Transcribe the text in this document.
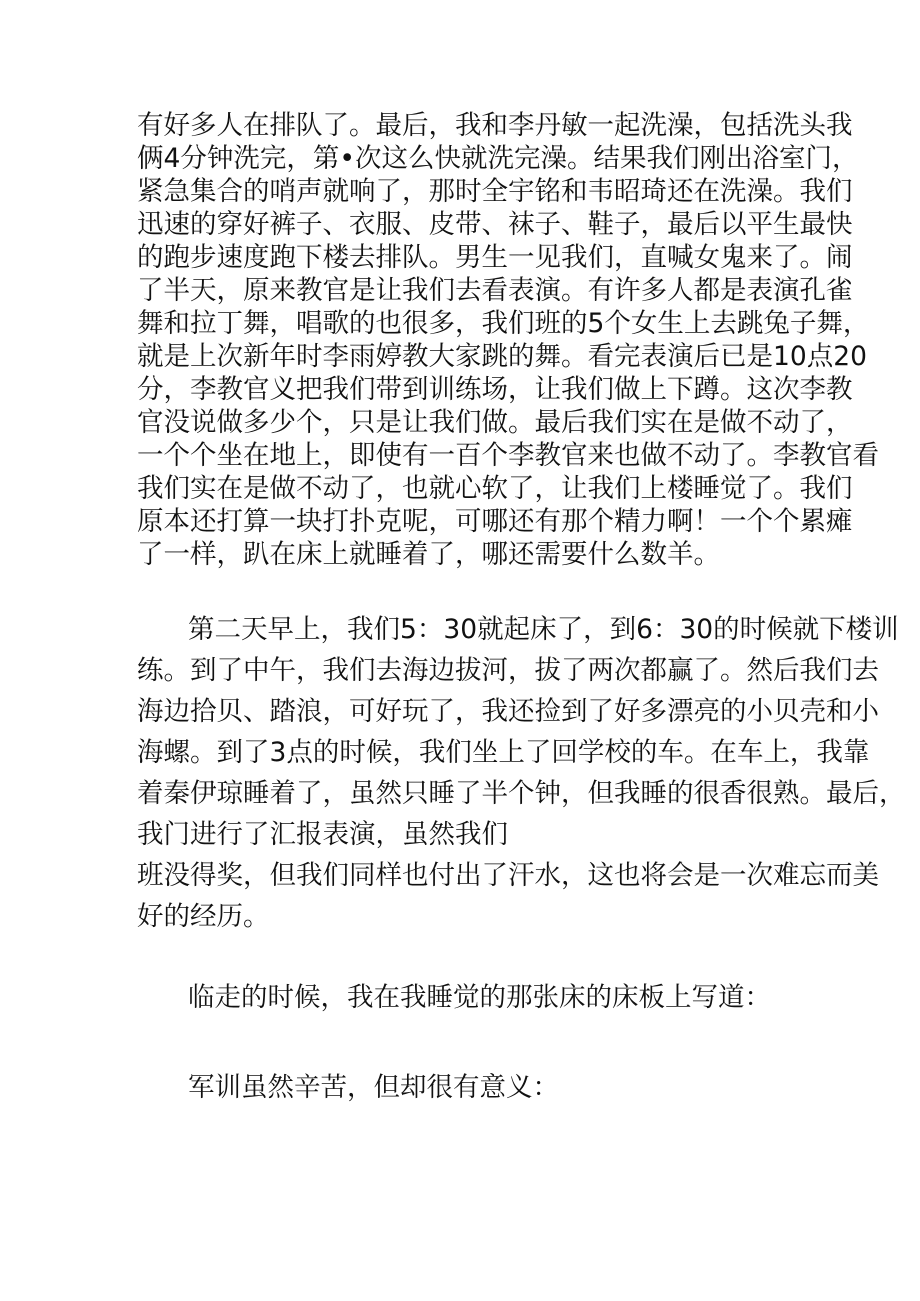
有好多人在排队了。最后，我和李丹敏一起洗澡，包括洗头我
俩4分钟洗完，第•次这么快就洗完澡。结果我们刚出浴室门，
紧急集合的哨声就响了，那时全宇铭和韦昭琦还在洗澡。我们
迅速的穿好裤子、衣服、皮带、袜子、鞋子，最后以平生最快
的跑步速度跑下楼去排队。男生一见我们，直喊女鬼来了。闹
了半天，原来教官是让我们去看表演。有许多人都是表演孔雀
舞和拉丁舞，唱歌的也很多，我们班的5个女生上去跳兔子舞，
就是上次新年时李雨婷教大家跳的舞。看完表演后已是10点20
分，李教官义把我们带到训练场，让我们做上下蹲。这次李教
官没说做多少个，只是让我们做。最后我们实在是做不动了，
一个个坐在地上，即使有一百个李教官来也做不动了。李教官看
我们实在是做不动了，也就心软了，让我们上楼睡觉了。我们
原本还打算一块打扑克呢，可哪还有那个精力啊！一个个累瘫
了一样，趴在床上就睡着了，哪还需要什么数羊。
第二天早上，我们5：30就起床了，到6：30的时候就下楼训
练。到了中午，我们去海边拔河，拔了两次都赢了。然后我们去
海边拾贝、踏浪，可好玩了，我还捡到了好多漂亮的小贝壳和小
海螺。到了3点的时候，我们坐上了回学校的车。在车上，我靠
着秦伊琼睡着了，虽然只睡了半个钟，但我睡的很香很熟。最后，
我门进行了汇报表演，虽然我们
班没得奖，但我们同样也付出了汗水，这也将会是一次难忘而美
好的经历。
临走的时候，我在我睡觉的那张床的床板上写道：
军训虽然辛苦，但却很有意义：
